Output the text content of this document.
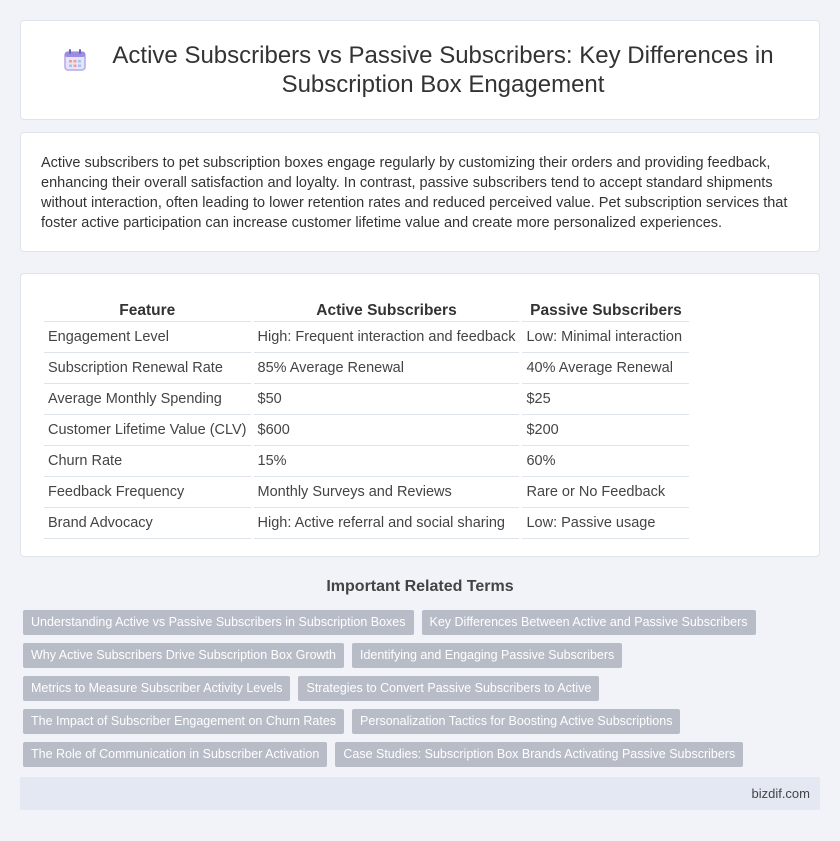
Active Subscribers vs Passive Subscribers: Key Differences in Subscription Box Engagement

Active subscribers to pet subscription boxes engage regularly by customizing their orders and providing feedback, enhancing their overall satisfaction and loyalty. In contrast, passive subscribers tend to accept standard shipments without interaction, often leading to lower retention rates and reduced perceived value. Pet subscription services that foster active participation can increase customer lifetime value and create more personalized experiences.

Feature	Active Subscribers	Passive Subscribers
Engagement Level	High: Frequent interaction and feedback	Low: Minimal interaction
Subscription Renewal Rate	85% Average Renewal	40% Average Renewal
Average Monthly Spending	$50	$25
Customer Lifetime Value (CLV)	$600	$200
Churn Rate	15%	60%
Feedback Frequency	Monthly Surveys and Reviews	Rare or No Feedback
Brand Advocacy	High: Active referral and social sharing	Low: Passive usage
Important Related Terms
Understanding Active vs Passive Subscribers in Subscription Boxes	Key Differences Between Active and Passive Subscribers
Why Active Subscribers Drive Subscription Box Growth	Identifying and Engaging Passive Subscribers
Metrics to Measure Subscriber Activity Levels	Strategies to Convert Passive Subscribers to Active
The Impact of Subscriber Engagement on Churn Rates	Personalization Tactics for Boosting Active Subscriptions
The Role of Communication in Subscriber Activation	Case Studies: Subscription Box Brands Activating Passive Subscribers
bizdif.com
